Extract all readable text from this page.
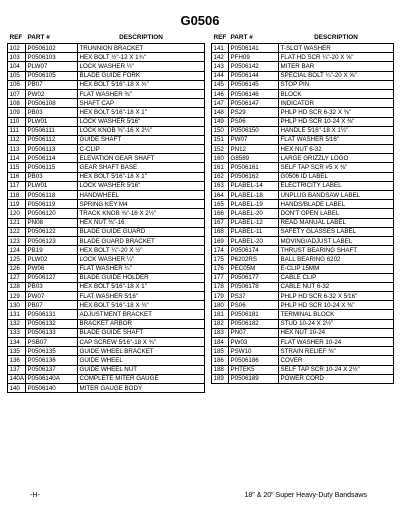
G0506
REF	PART #	DESCRIPTION
102	P0506102	TRUNNION BRACKET
103	P0506103	HEX BOLT ½"-12 X 1¾"
104	PLW07	LOCK WASHER ½"
105	P0506105	BLADE GUIDE FORK
106	PB07	HEX BOLT 5⁄16"-18 X ¾"
107	PW02	FLAT WASHER ⅜"
108	P0506108	SHAFT CAP
109	PB03	HEX BOLT 5⁄16"-18 X 1"
110	PLW01	LOCK WASHER 5⁄16"
111	P0506111	LOCK KNOB ⅜"-16 X 2½"
112	P0506112	GUIDE SHAFT
113	P0506113	C-CLIP
114	P0506114	ELEVATION GEAR SHAFT
115	P0506115	GEAR SHAFT BASE
116	PB03	HEX BOLT 5⁄16"-18 X 1"
117	PLW01	LOCK WASHER 5⁄16"
118	P0506118	HANDWHEEL
119	P0506119	SPRING KEY M4
120	P0506120	TRACK KNOB ⅜"-16 X 2½"
121	PN08	HEX NUT ⅜"-16
122	P0506122	BLADE GUIDE GUARD
123	P0506123	BLADE GUARD BRACKET
124	PB19	HEX BOLT ¼"-20 X ½"
125	PLW02	LOCK WASHER ¼"
126	PW06	FLAT WASHER ¼"
127	P0506127	BLADE GUIDE HOLDER
128	PB03	HEX BOLT 5⁄16"-18 X 1"
129	PW07	FLAT WASHER 5⁄16"
130	PB07	HEX BOLT 5⁄16"-18 X ¾"
131	P0506131	ADJUSTMENT BRACKET
132	P0506132	BRACKET ARBOR
133	P0506133	BLADE GUIDE SHAFT
134	PSB07	CAP SCREW 5⁄16"-18 X ¾"
135	P0506135	GUIDE WHEEL BRACKET
136	P0506136	GUIDE WHEEL
137	P0506137	GUIDE WHEEL NUT
140A	P0506140A	COMPLETE MITER GAUGE
140	P0506140	MITER GAUGE BODY
REF	PART #	DESCRIPTION
141	P0506141	T-SLOT WASHER
142	PFH09	FLAT HD SCR ¼"-20 X ⅝"
143	P0506142	MITER BAR
144	P0506144	SPECIAL BOLT ¼"-20 X ⅝"
145	P0506145	STOP PIN
146	P0506146	BLOCK
147	P0506147	INDICATOR
148	PS29	PHLP HD SCR 6-32 X ⅜"
149	PS06	PHLP HD SCR 10-24 X ⅜"
150	P0506150	HANDLE 5⁄16"-18 X 1½"
151	PW07	FLAT WASHER 5⁄16"
152	PN12	HEX NUT 6-32
160	G8589	LARGE GRIZZLY LOGO
161	P0506161	SELF TAP SCR #5 X ⅜"
162	P0506162	G0506 ID LABEL
163	PLABEL-14	ELECTRICITY LABEL
164	PLABEL-18	UNPLUG BANDSAW LABEL
165	PLABEL-19	HANDS/BLADE LABEL
166	PLABEL-20	DON'T OPEN LABEL
167	PLABEL-12	READ MANUAL LABEL
168	PLABEL-11	SAFETY GLASSES LABEL
169	PLABEL-20	MOVING/ADJUST LABEL
174	P0506174	THRUST BEARING SHAFT
175	P6202RS	BALL BEARING 6202
176	PEC05M	E-CLIP 15MM
177	P0506177	CABLE CLIP
178	P0506178	CABLE NUT 6-32
179	PS37	PHLP HD SCR 6-32 X 5⁄16"
180	PS06	PHLP HD SCR 10-24 X ⅜"
181	P0506181	TERMINAL BLOCK
182	P0506182	STUD 10-24 X 2½"
183	PN07	HEX NUT 10-24
184	PW03	FLAT WASHER 10-24
185	PSW10	STRAIN RELIEF ⅜"
186	P0506186	COVER
188	PHTEK5	SELF TAP SCR 10-24 X 2½"
189	P0506189	POWER CORD
-H-	18" & 20" Super Heavy-Duty Bandsaws
